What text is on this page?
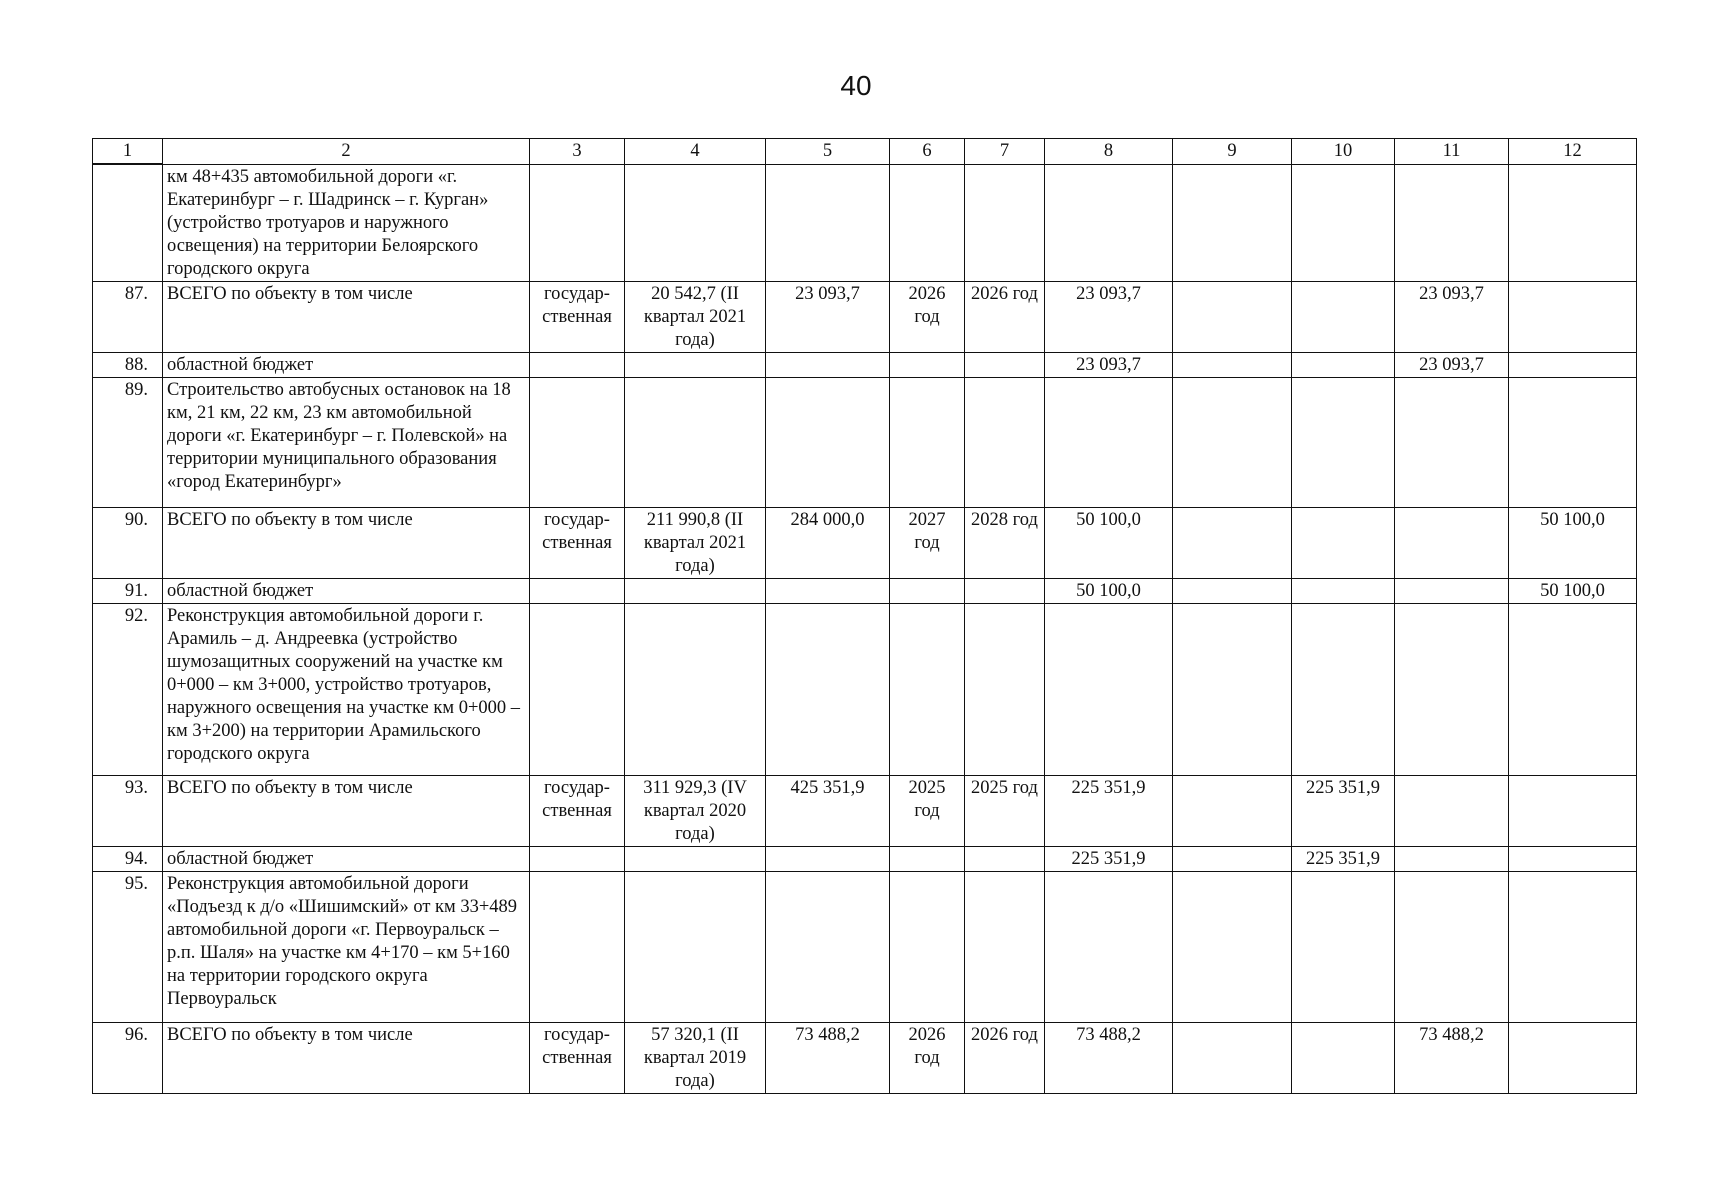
40
1	2	3	4	5	6	7	8	9	10	11	12
	км 48+435 автомобильной дороги «г. Екатеринбург – г. Шадринск – г. Курган» (устройство тротуаров и наружного освещения) на территории Белоярского городского округа										
87.	ВСЕГО по объекту в том числе	государ-ственная	20 542,7 (II квартал 2021 года)	23 093,7	2026 год	2026 год	23 093,7			23 093,7	
88.	областной бюджет						23 093,7			23 093,7	
89.	Строительство автобусных остановок на 18 км, 21 км, 22 км, 23 км автомобильной дороги «г. Екатеринбург – г. Полевской» на территории муниципального образования «город Екатеринбург»										
90.	ВСЕГО по объекту в том числе	государ-ственная	211 990,8 (II квартал 2021 года)	284 000,0	2027 год	2028 год	50 100,0				50 100,0
91.	областной бюджет						50 100,0				50 100,0
92.	Реконструкция автомобильной дороги г. Арамиль – д. Андреевка (устройство шумозащитных сооружений на участке км 0+000 – км 3+000, устройство тротуаров, наружного освещения на участке км 0+000 – км 3+200) на территории Арамильского городского округа										
93.	ВСЕГО по объекту в том числе	государ-ственная	311 929,3 (IV квартал 2020 года)	425 351,9	2025 год	2025 год	225 351,9		225 351,9		
94.	областной бюджет						225 351,9		225 351,9		
95.	Реконструкция автомобильной дороги «Подъезд к д/о «Шишимский» от км 33+489 автомобильной дороги «г. Первоуральск – р.п. Шаля» на участке км 4+170 – км 5+160 на территории городского округа Первоуральск										
96.	ВСЕГО по объекту в том числе	государ-ственная	57 320,1 (II квартал 2019 года)	73 488,2	2026 год	2026 год	73 488,2			73 488,2	
